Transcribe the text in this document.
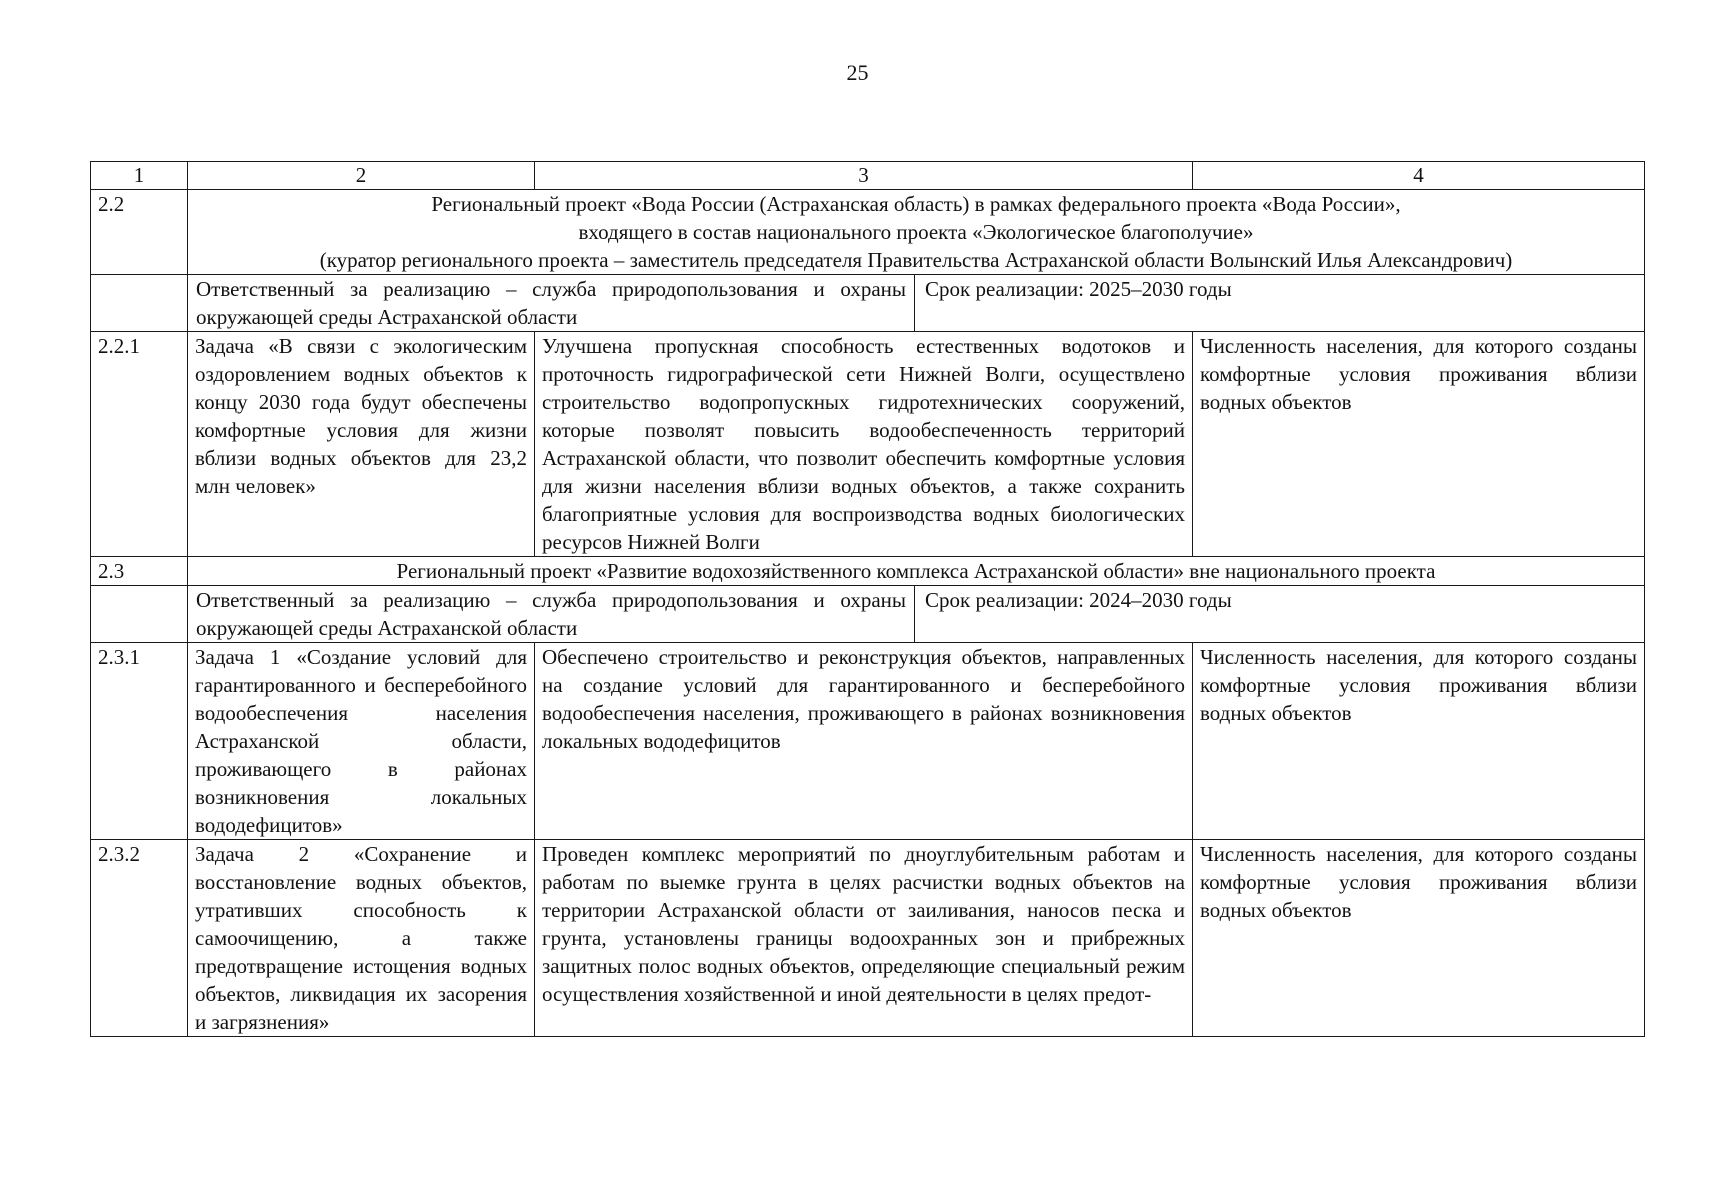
25
1	2	3	4
2.2	Региональный проект «Вода России (Астраханская область) в рамках федерального проекта «Вода России»,
входящего в состав национального проекта «Экологическое благополучие»
(куратор регионального проекта – заместитель председателя Правительства Астраханской области Волынский Илья Александрович)		

	Ответственный за реализацию – служба природопользования и охраны окружающей среды Астраханской области
Срок реализации: 2025–2030 годы		

2.2.1	Задача «В связи с экологическим оздоровлением водных объектов к концу 2030 года будут обеспечены комфортные условия для жизни вблизи водных объектов для 23,2 млн человек»	Улучшена пропускная способность естественных водотоков и проточность гидрографической сети Нижней Волги, осуществлено строительство водопропускных гидротехнических сооружений, которые позволят повысить водообеспеченность территорий Астраханской области, что позволит обеспечить комфортные условия для жизни населения вблизи водных объектов, а также сохранить благоприятные условия для воспроизводства водных биологических ресурсов Нижней Волги	Численность населения, для которого созданы комфортные условия проживания вблизи водных объектов
2.3	Региональный проект «Развитие водохозяйственного комплекса Астраханской области» вне национального проекта		

	Ответственный за реализацию – служба природопользования и охраны окружающей среды Астраханской области
Срок реализации: 2024–2030 годы		

2.3.1	Задача 1 «Создание условий для гарантированного и бесперебойного водообеспечения населения Астраханской области, проживающего в районах возникновения локальных вододефицитов»	Обеспечено строительство и реконструкция объектов, направленных на создание условий для гарантированного и бесперебойного водообеспечения населения, проживающего в районах возникновения локальных вододефицитов	Численность населения, для которого созданы комфортные условия проживания вблизи водных объектов
2.3.2	Задача 2 «Сохранение и восстановление водных объектов, утративших способность к самоочищению, а также предотвращение истощения водных объектов, ликвидация их засорения и загрязнения»	Проведен комплекс мероприятий по дноуглубительным работам и работам по выемке грунта в целях расчистки водных объектов на территории Астраханской области от заиливания, наносов песка и грунта, установлены границы водоохранных зон и прибрежных защитных полос водных объектов, определяющие специальный режим осуществления хозяйственной и иной деятельности в целях предот-	Численность населения, для которого созданы комфортные условия проживания вблизи водных объектов
